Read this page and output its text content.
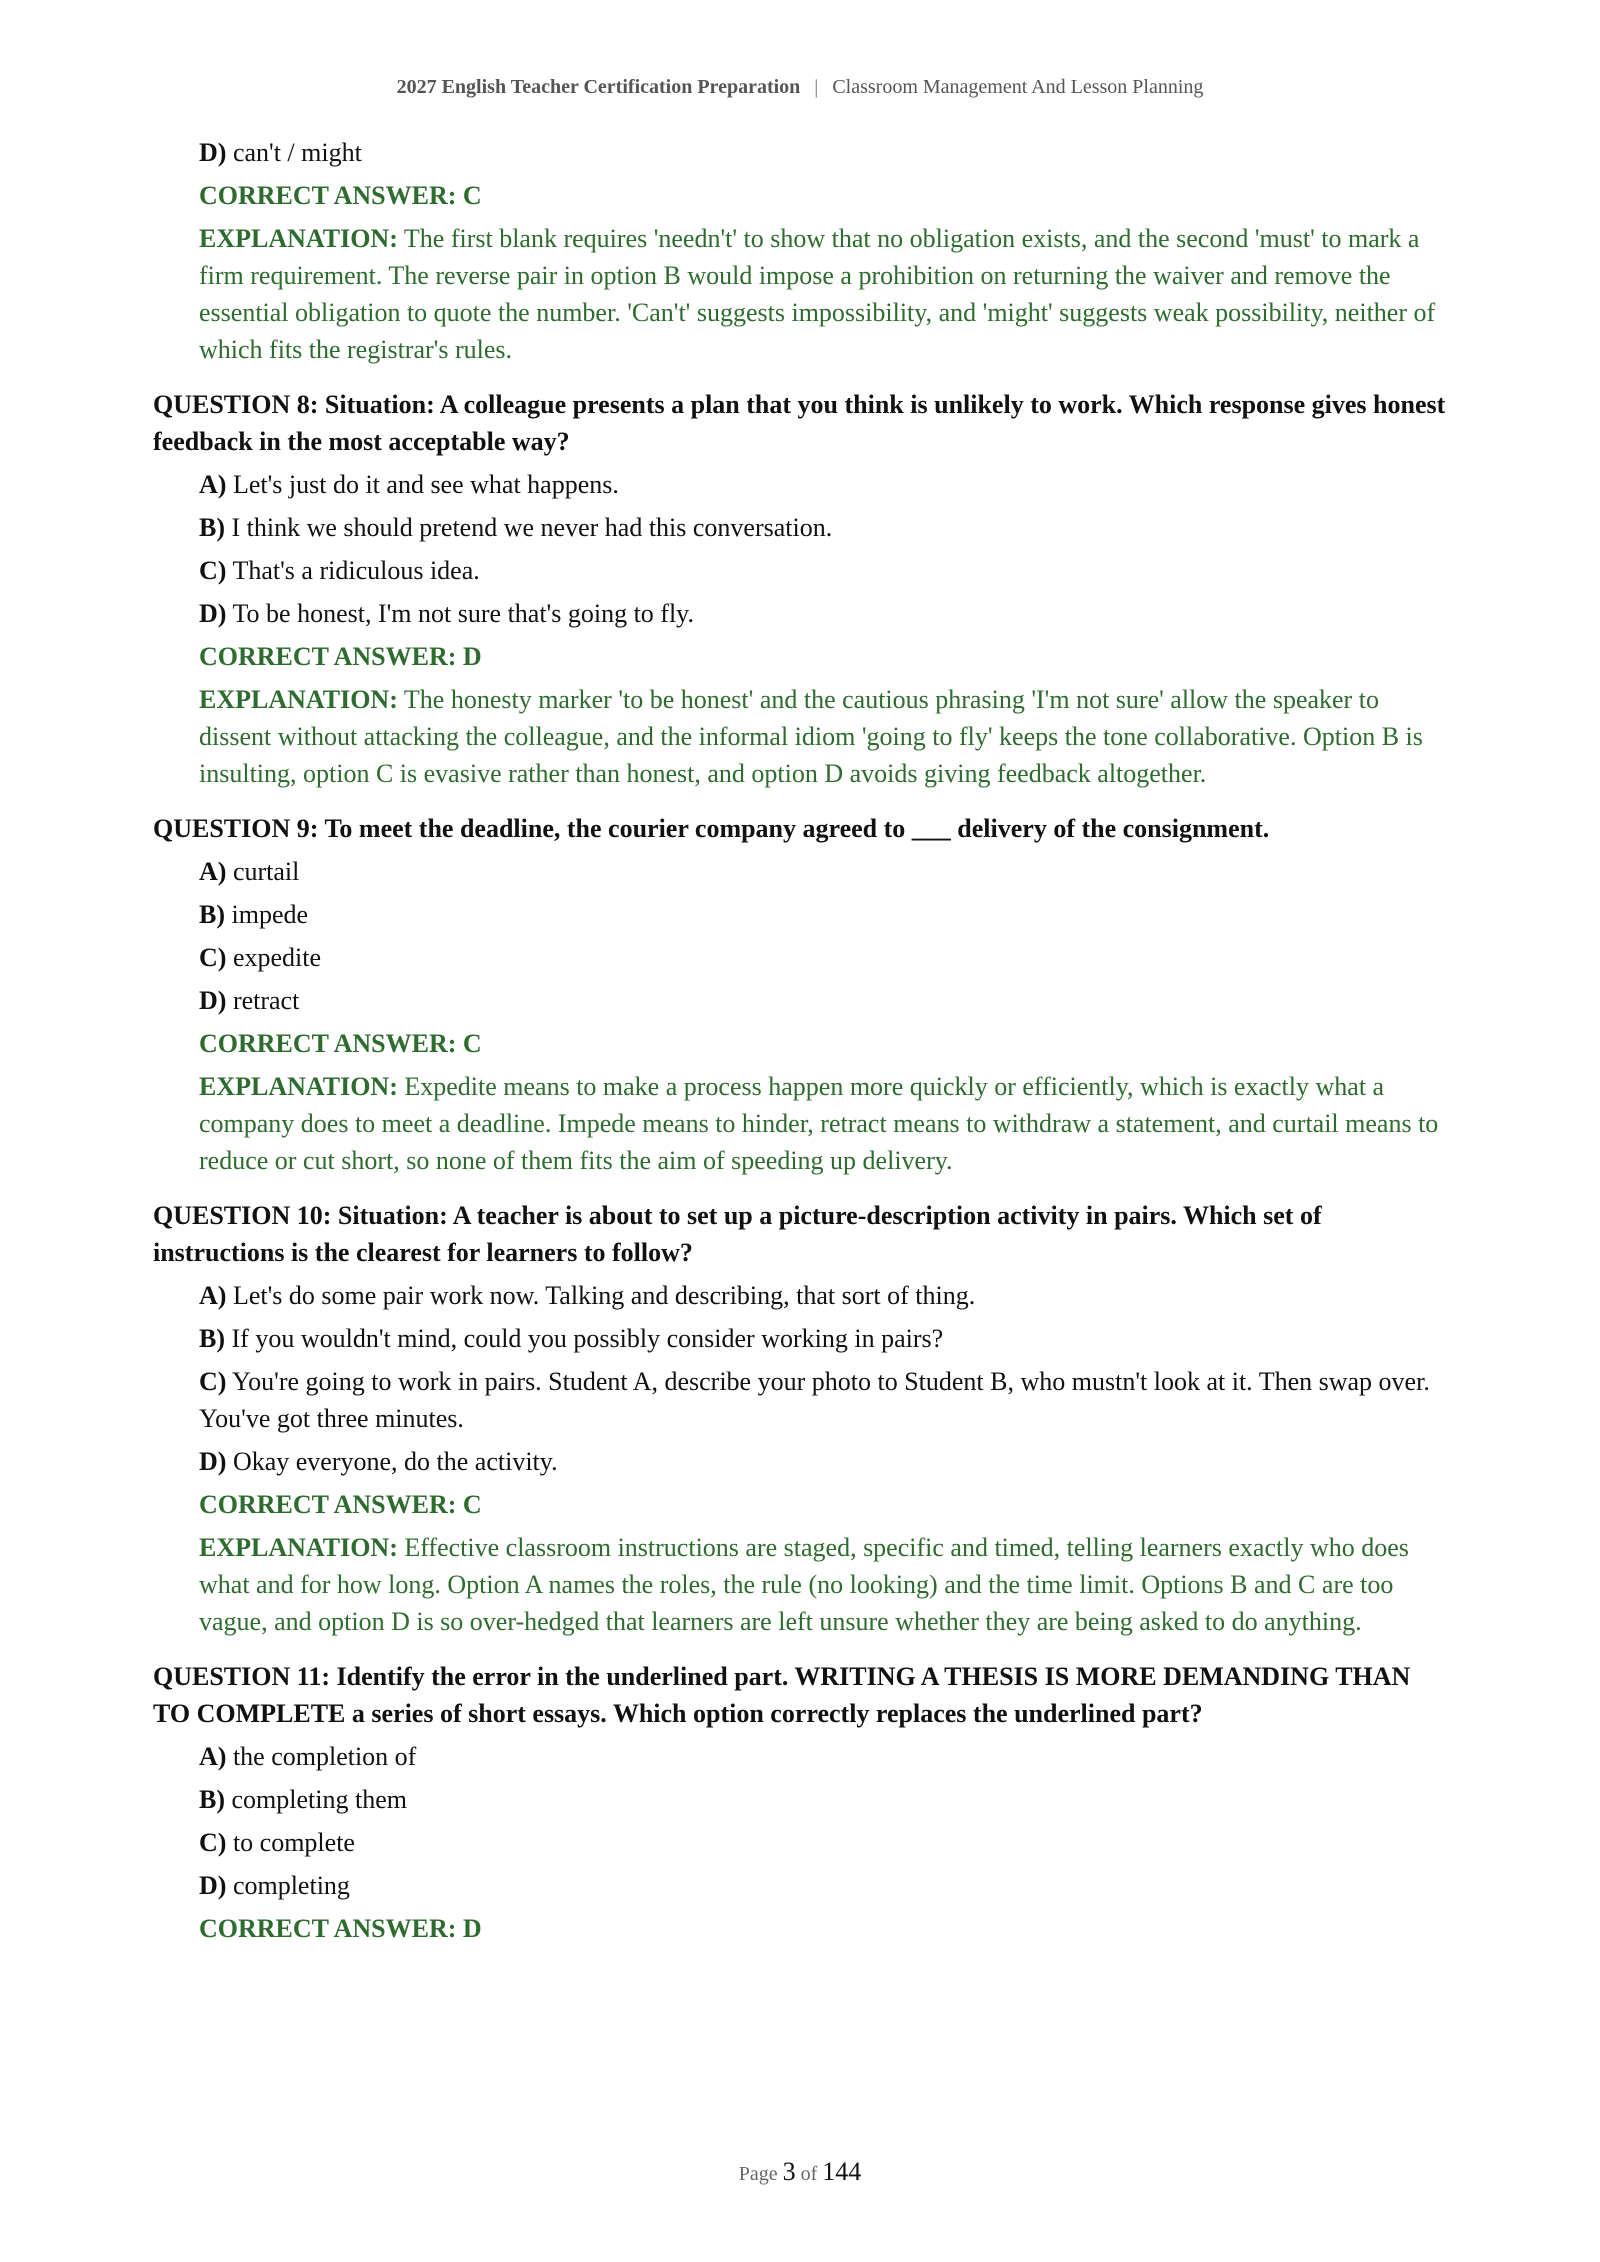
2027 English Teacher Certification Preparation | Classroom Management And Lesson Planning
D) can't / might
CORRECT ANSWER: C
EXPLANATION: The first blank requires 'needn't' to show that no obligation exists, and the second 'must' to mark a firm requirement. The reverse pair in option B would impose a prohibition on returning the waiver and remove the essential obligation to quote the number. 'Can't' suggests impossibility, and 'might' suggests weak possibility, neither of which fits the registrar's rules.
QUESTION 8: Situation: A colleague presents a plan that you think is unlikely to work. Which response gives honest feedback in the most acceptable way?
A) Let's just do it and see what happens.
B) I think we should pretend we never had this conversation.
C) That's a ridiculous idea.
D) To be honest, I'm not sure that's going to fly.
CORRECT ANSWER: D
EXPLANATION: The honesty marker 'to be honest' and the cautious phrasing 'I'm not sure' allow the speaker to dissent without attacking the colleague, and the informal idiom 'going to fly' keeps the tone collaborative. Option B is insulting, option C is evasive rather than honest, and option D avoids giving feedback altogether.
QUESTION 9: To meet the deadline, the courier company agreed to ___ delivery of the consignment.
A) curtail
B) impede
C) expedite
D) retract
CORRECT ANSWER: C
EXPLANATION: Expedite means to make a process happen more quickly or efficiently, which is exactly what a company does to meet a deadline. Impede means to hinder, retract means to withdraw a statement, and curtail means to reduce or cut short, so none of them fits the aim of speeding up delivery.
QUESTION 10: Situation: A teacher is about to set up a picture-description activity in pairs. Which set of instructions is the clearest for learners to follow?
A) Let's do some pair work now. Talking and describing, that sort of thing.
B) If you wouldn't mind, could you possibly consider working in pairs?
C) You're going to work in pairs. Student A, describe your photo to Student B, who mustn't look at it. Then swap over. You've got three minutes.
D) Okay everyone, do the activity.
CORRECT ANSWER: C
EXPLANATION: Effective classroom instructions are staged, specific and timed, telling learners exactly who does what and for how long. Option A names the roles, the rule (no looking) and the time limit. Options B and C are too vague, and option D is so over-hedged that learners are left unsure whether they are being asked to do anything.
QUESTION 11: Identify the error in the underlined part. WRITING A THESIS IS MORE DEMANDING THAN TO COMPLETE a series of short essays. Which option correctly replaces the underlined part?
A) the completion of
B) completing them
C) to complete
D) completing
CORRECT ANSWER: D
Page 3 of 144
